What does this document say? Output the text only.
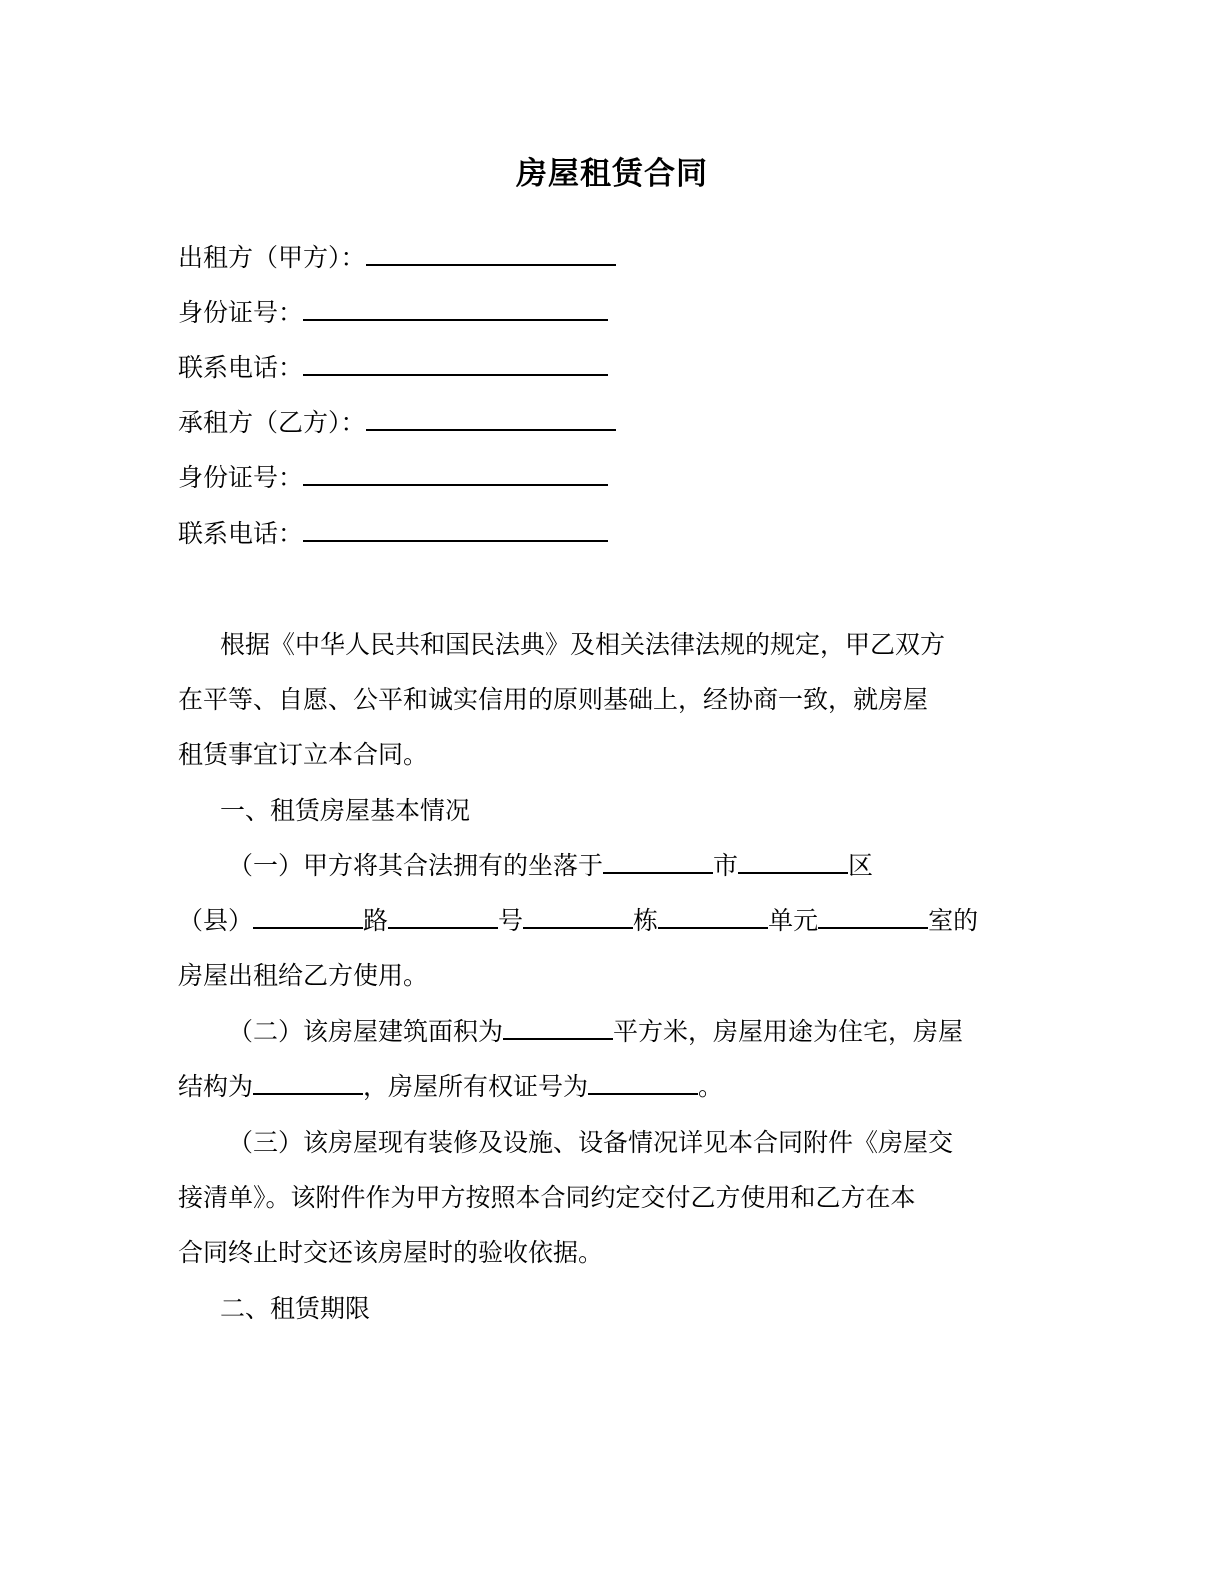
房屋租赁合同
出租方（甲方）：
身份证号：
联系电话：
承租方（乙方）：
身份证号：
联系电话：
根据《中华人民共和国民法典》及相关法律法规的规定，甲乙双方
在平等、自愿、公平和诚实信用的原则基础上，经协商一致，就房屋
租赁事宜订立本合同。
一、租赁房屋基本情况
（一）甲方将其合法拥有的坐落于	市	区
（县）	路	号	栋	单元	室的
房屋出租给乙方使用。
（二）该房屋建筑面积为	平方米，房屋用途为住宅，房屋
结构为	，房屋所有权证号为	。
（三）该房屋现有装修及设施、设备情况详见本合同附件《房屋交
接清单》。该附件作为甲方按照本合同约定交付乙方使用和乙方在本
合同终止时交还该房屋时的验收依据。
二、租赁期限
